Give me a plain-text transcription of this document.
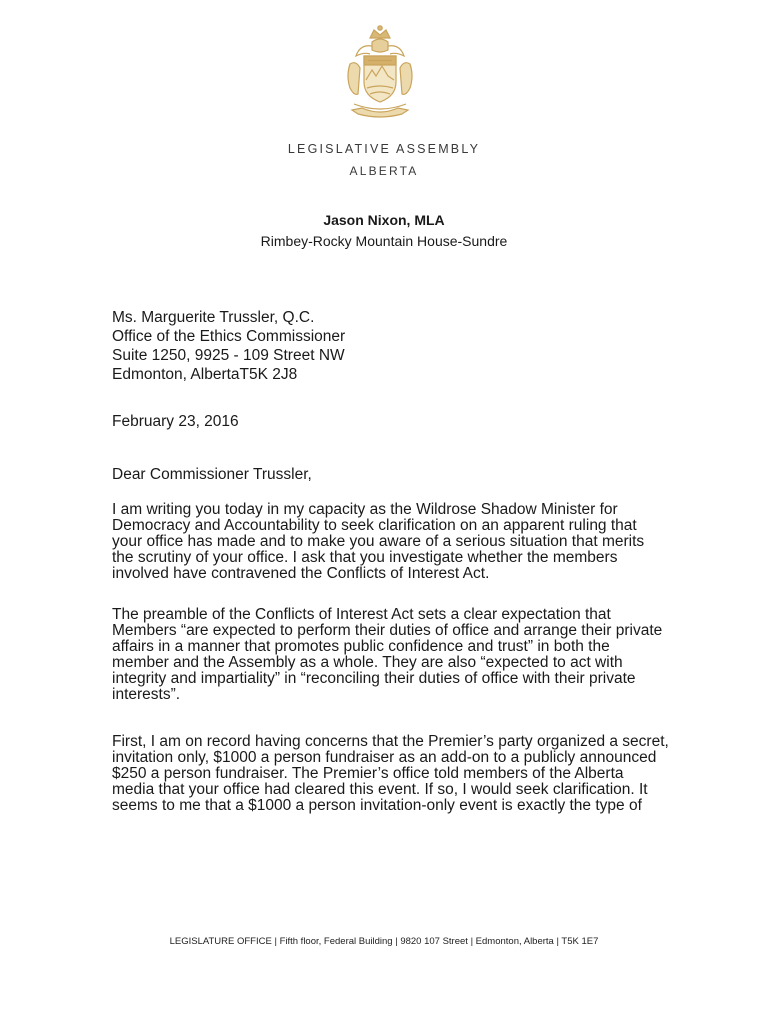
LEGISLATIVE ASSEMBLY
ALBERTA
Jason Nixon, MLA
Rimbey-Rocky Mountain House-Sundre
Ms. Marguerite Trussler, Q.C.
Office of the Ethics Commissioner
Suite 1250, 9925 - 109 Street NW
Edmonton, AlbertaT5K 2J8
February 23, 2016
Dear Commissioner Trussler,
I am writing you today in my capacity as the Wildrose Shadow Minister for
Democracy and Accountability to seek clarification on an apparent ruling that
your office has made and to make you aware of a serious situation that merits
the scrutiny of your office. I ask that you investigate whether the members
involved have contravened the Conflicts of Interest Act.
The preamble of the Conflicts of Interest Act sets a clear expectation that
Members “are expected to perform their duties of office and arrange their private
affairs in a manner that promotes public confidence and trust” in both the
member and the Assembly as a whole. They are also “expected to act with
integrity and impartiality” in “reconciling their duties of office with their private
interests”.
First, I am on record having concerns that the Premier’s party organized a secret,
invitation only, $1000 a person fundraiser as an add-on to a publicly announced
$250 a person fundraiser. The Premier’s office told members of the Alberta
media that your office had cleared this event. If so, I would seek clarification. It
seems to me that a $1000 a person invitation-only event is exactly the type of
LEGISLATURE OFFICE | Fifth floor, Federal Building | 9820 107 Street | Edmonton, Alberta | T5K 1E7
